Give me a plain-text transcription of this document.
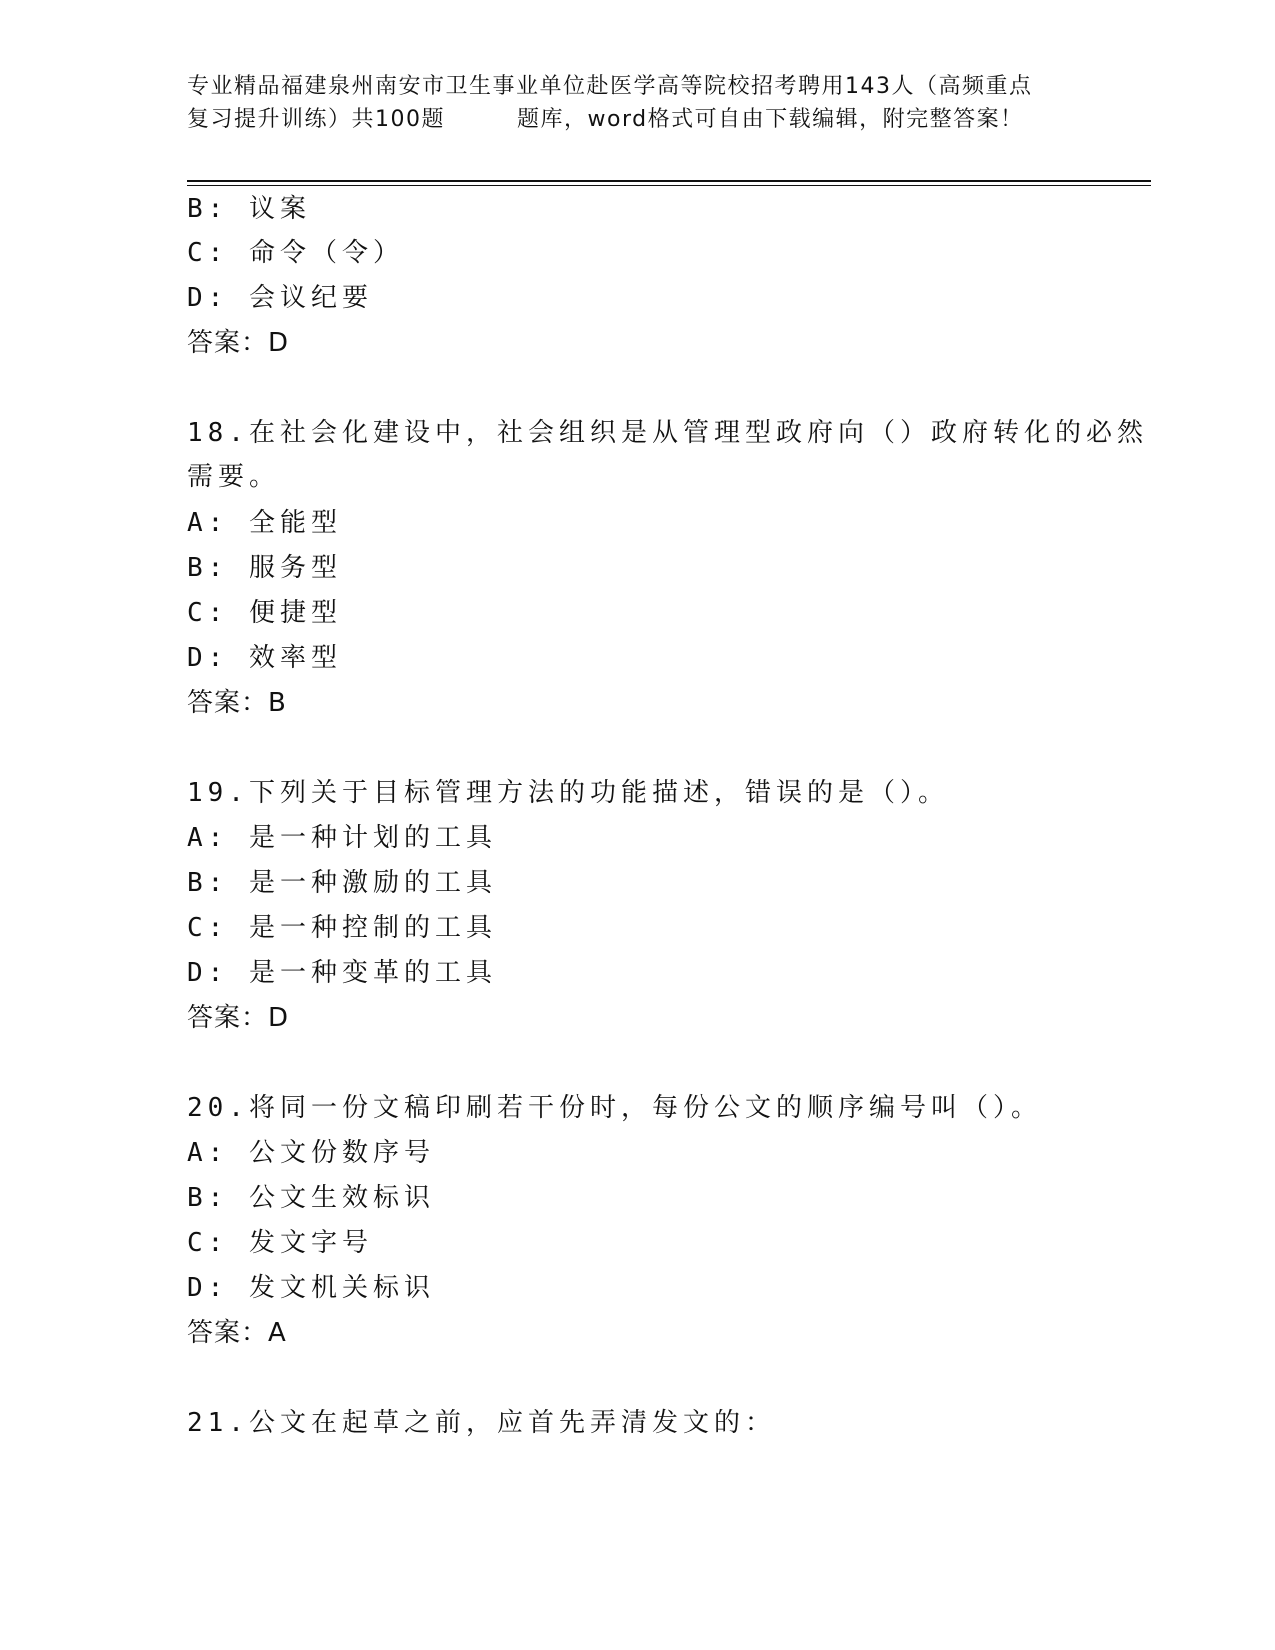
专业精品福建泉州南安市卫生事业单位赴医学高等院校招考聘用143人（高频重点
复习提升训练）共100题	题库，word格式可自由下载编辑，附完整答案！
B: 议案
C: 命令（令）
D: 会议纪要
答案：D
18.在社会化建设中，社会组织是从管理型政府向（）政府转化的必然
需要。
A: 全能型
B: 服务型
C: 便捷型
D: 效率型
答案：B
19.下列关于目标管理方法的功能描述，错误的是（）。
A: 是一种计划的工具
B: 是一种激励的工具
C: 是一种控制的工具
D: 是一种变革的工具
答案：D
20.将同一份文稿印刷若干份时，每份公文的顺序编号叫（）。
A: 公文份数序号
B: 公文生效标识
C: 发文字号
D: 发文机关标识
答案：A
21.公文在起草之前，应首先弄清发文的：
